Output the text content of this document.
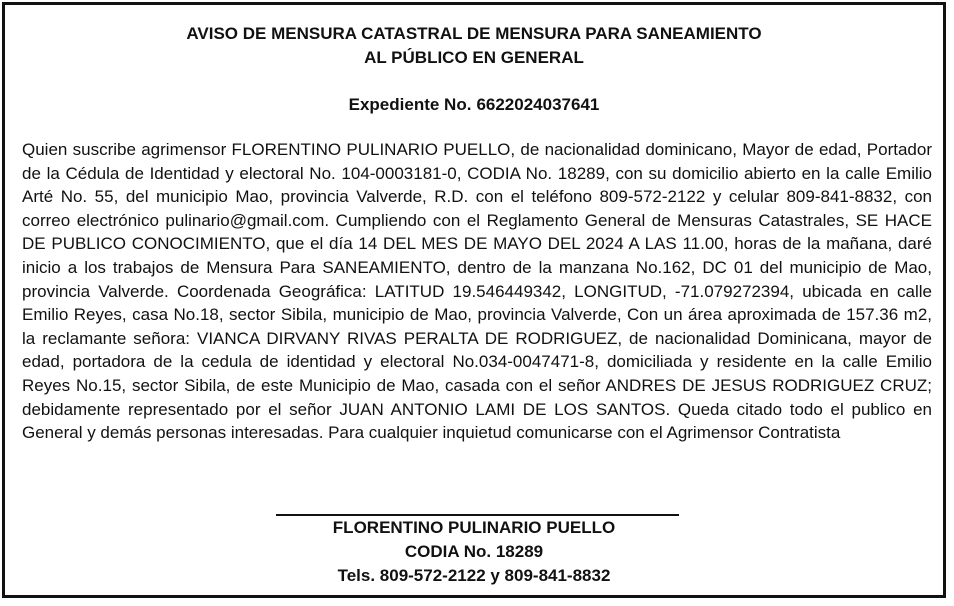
AVISO DE MENSURA CATASTRAL DE MENSURA PARA SANEAMIENTO
AL PÚBLICO EN GENERAL
Expediente No. 6622024037641

Quien suscribe agrimensor FLORENTINO PULINARIO PUELLO, de nacionalidad dominicano, Mayor de edad, Portador de la Cédula de Identidad y electoral No. 104-0003181-0, CODIA No. 18289, con su domicilio abierto en la calle Emilio Arté No. 55, del municipio Mao, provincia Valverde, R.D. con el teléfono 809-572-2122 y celular 809-841-8832, con correo electrónico pulinario@gmail.com. Cumpliendo con el Reglamento General de Mensuras Catastrales, SE HACE DE PUBLICO CONOCIMIENTO, que el día 14 DEL MES DE MAYO DEL 2024 A LAS 11.00, horas de la mañana, daré inicio a los trabajos de Mensura Para SANEAMIENTO, dentro de la manzana No.162, DC 01 del municipio de Mao, provincia Valverde. Coordenada Geográfica: LATITUD 19.546449342, LONGITUD, -71.079272394, ubicada en calle Emilio Reyes, casa No.18, sector Sibila, municipio de Mao, provincia Valverde, Con un área aproximada de 157.36 m2, la reclamante señora: VIANCA DIRVANY RIVAS PERALTA DE RODRIGUEZ, de nacionalidad Dominicana, mayor de edad, portadora de la cedula de identidad y electoral No.034-0047471-8, domiciliada y residente en la calle Emilio Reyes No.15, sector Sibila, de este Municipio de Mao, casada con el señor ANDRES DE JESUS RODRIGUEZ CRUZ; debidamente representado por el señor JUAN ANTONIO LAMI DE LOS SANTOS. Queda citado todo el publico en General y demás personas interesadas. Para cualquier inquietud comunicarse con el Agrimensor Contratista

FLORENTINO PULINARIO PUELLO
CODIA No. 18289
Tels. 809-572-2122 y 809-841-8832
